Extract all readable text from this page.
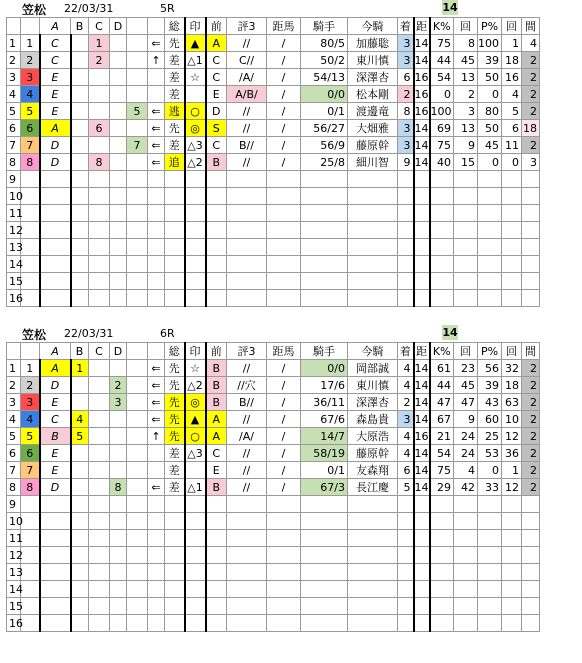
笠松 22/03/31	5R	14
		A	B	C	D			総	印	前	評3	距馬	騎手	今騎	着	距	K%	回	P%	回	間
1	1	C		1			⇐	先	▲	A	//	/	80/5	加藤聡	3	14	75	8	100	1	4
2	2	C		2			↑	差	△1	C	C//	/	50/2	東川慎	3	14	44	45	39	18	2
3	3	E						差	☆	C	/A/	/	54/13	深澤杏	6	16	54	13	50	16	2
4	4	E						差		E	A/B/	/	0/0	松本剛	2	16	0	2	0	4	2
5	5	E				5	⇐	逃	○	D	//	/	0/1	渡邊竜	8	16	100	3	80	5	2
6	6	A		6			⇐	先	◎	S	//	/	56/27	大畑雅	3	14	69	13	50	6	18
7	7	D				7	⇐	差	△3	C	B//	/	56/9	藤原幹	3	14	75	9	45	11	2
8	8	D		8			⇐	追	△2	B	//	/	25/8	細川智	9	14	40	15	0	0	3
9																					
10																					
11																					
12																					
13																					
14																					
15																					
16																					
笠松 22/03/31	6R	14
		A	B	C	D			総	印	前	評3	距馬	騎手	今騎	着	距	K%	回	P%	回	間
1	1	A	1				⇐	先	☆	B	//	/	0/0	岡部誠	4	14	61	23	56	32	2
2	2	D			2		⇐	先	△2	B	//穴	/	17/6	東川慎	4	14	44	45	39	18	2
3	3	E			3		⇐	先	◎	B	B//	/	36/11	深澤杏	2	14	47	47	43	63	2
4	4	C	4				⇐	先	▲	A	//	/	67/6	森島貴	3	14	67	9	60	10	2
5	5	B	5				↑	先	○	A	/A/	/	14/7	大原浩	4	16	21	24	25	12	2
6	6	E						差	△3	C	//	/	58/19	藤原幹	4	14	54	24	53	36	2
7	7	E						差		E	//	/	0/1	友森翔	6	14	75	4	0	1	2
8	8	D			8		⇐	差	△1	B	//	/	67/3	長江慶	5	14	29	42	33	12	2
9																					
10																					
11																					
12																					
13																					
14																					
15																					
16																					
